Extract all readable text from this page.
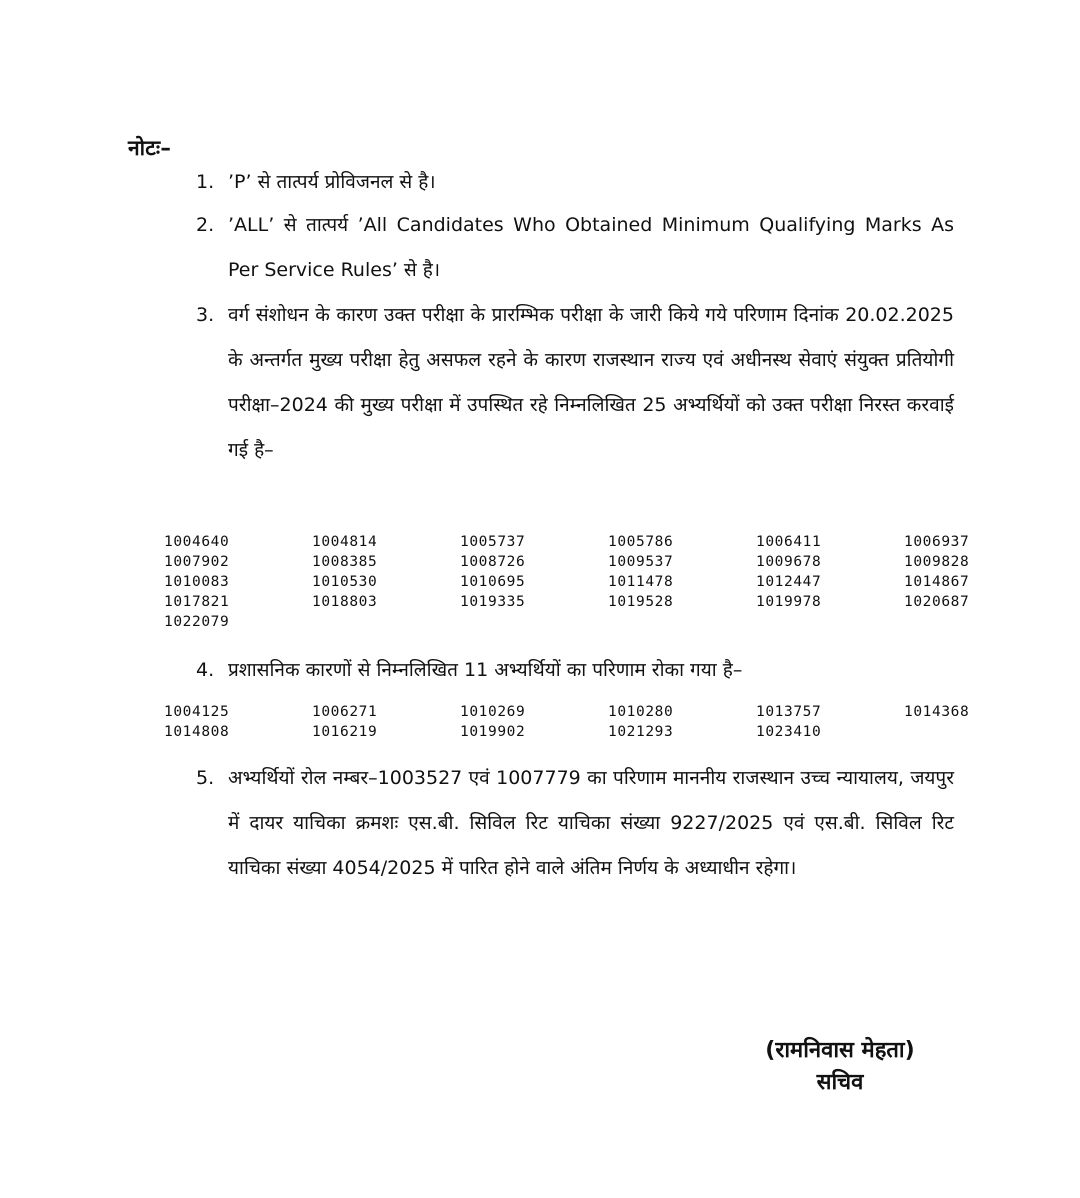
नोटः–
1. ’P’ से तात्पर्य प्रोविजनल से है।
2. ’ALL’ से तात्पर्य ’All Candidates Who Obtained Minimum Qualifying Marks As Per Service Rules’ से है।
3. वर्ग संशोधन के कारण उक्त परीक्षा के प्रारम्भिक परीक्षा के जारी किये गये परिणाम दिनांक 20.02.2025 के अन्तर्गत मुख्य परीक्षा हेतु असफल रहने के कारण राजस्थान राज्य एवं अधीनस्थ सेवाएं संयुक्त प्रतियोगी परीक्षा–2024 की मुख्य परीक्षा में उपस्थित रहे निम्नलिखित 25 अभ्यर्थियों को उक्त परीक्षा निरस्त करवाई गई है–
1004640	1004814	1005737	1005786	1006411	1006937
1007902	1008385	1008726	1009537	1009678	1009828
1010083	1010530	1010695	1011478	1012447	1014867
1017821	1018803	1019335	1019528	1019978	1020687
1022079
4. प्रशासनिक कारणों से निम्नलिखित 11 अभ्यर्थियों का परिणाम रोका गया है–
1004125	1006271	1010269	1010280	1013757	1014368
1014808	1016219	1019902	1021293	1023410
5. अभ्यर्थियों रोल नम्बर–1003527 एवं 1007779 का परिणाम माननीय राजस्थान उच्च न्यायालय, जयपुर में दायर याचिका क्रमशः एस.बी. सिविल रिट याचिका संख्या 9227/2025 एवं एस.बी. सिविल रिट याचिका संख्या 4054/2025 में पारित होने वाले अंतिम निर्णय के अध्याधीन रहेगा।
(रामनिवास मेहता)
सचिव
